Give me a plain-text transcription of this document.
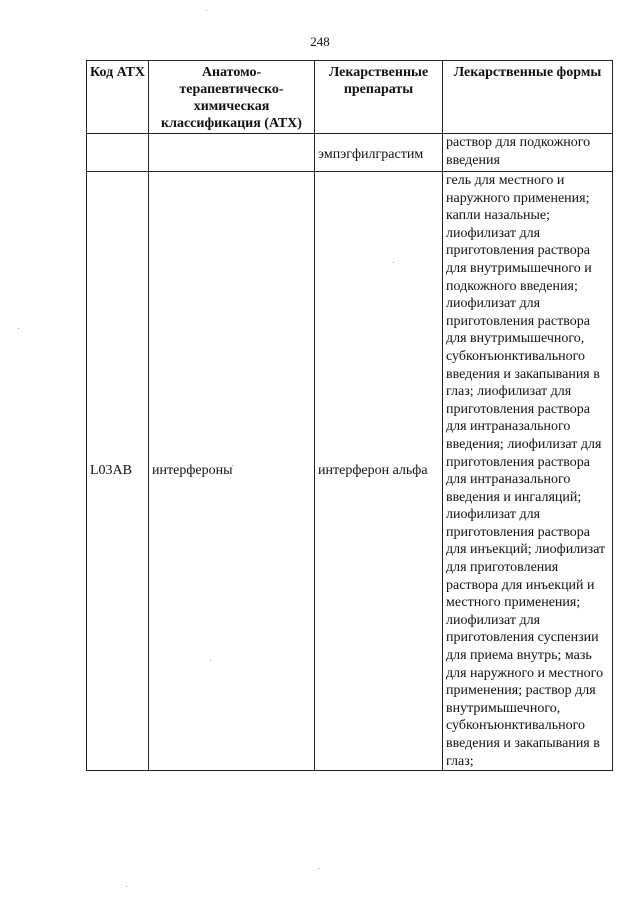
248
Код АТХ	Анатомо-терапевтическо-химическая классификация (АТХ)	Лекарственные препараты	Лекарственные формы
		эмпэгфилграстим	раствор для подкожного введения
L03AB	интерфероны	интерферон альфа	гель для местного и наружного применения; капли назальные; лиофилизат для приготовления раствора для внутримышечного и подкожного введения; лиофилизат для приготовления раствора для внутримышечного, субконъюнктивального введения и закапывания в глаз; лиофилизат для приготовления раствора для интраназального введения; лиофилизат для приготовления раствора для интраназального введения и ингаляций; лиофилизат для приготовления раствора для инъекций; лиофилизат для приготовления раствора для инъекций и местного применения; лиофилизат для приготовления суспензии для приема внутрь; мазь для наружного и местного применения; раствор для внутримышечного, субконъюнктивального введения и закапывания в глаз;
